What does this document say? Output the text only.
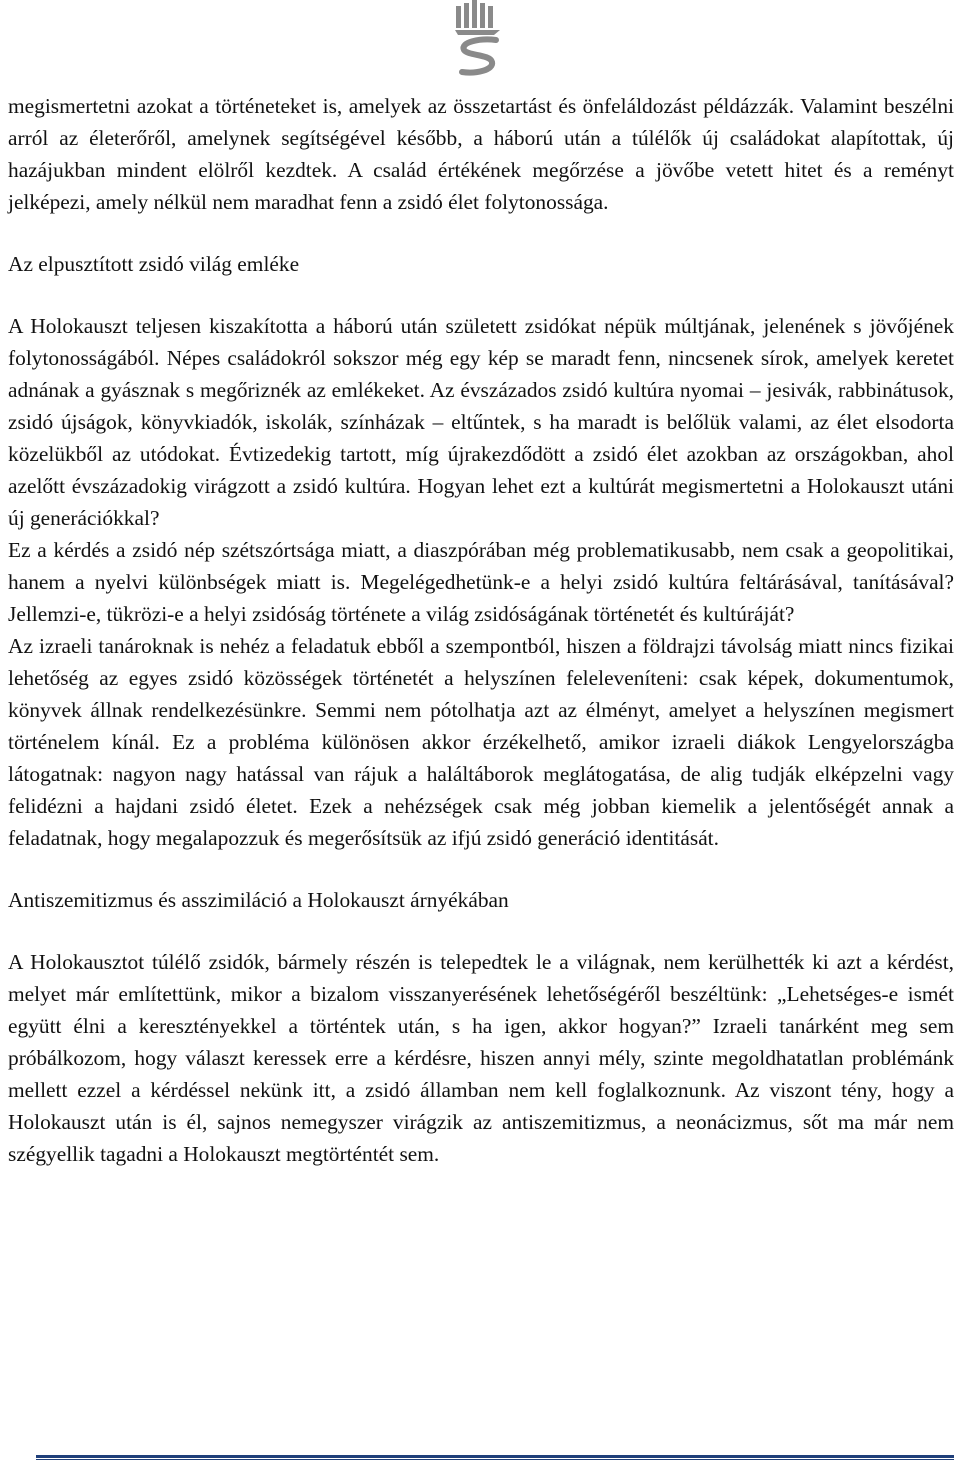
megismertetni azokat a történeteket is, amelyek az összetartást és önfeláldozást példázzák. Valamint beszélni arról az életerőről, amelynek segítségével később, a háború után a túlélők új családokat alapítottak, új hazájukban mindent elölről kezdtek. A család értékének megőrzése a jövőbe vetett hitet és a reményt jelképezi, amely nélkül nem maradhat fenn a zsidó élet folytonossága.

Az elpusztított zsidó világ emléke

A Holokauszt teljesen kiszakította a háború után született zsidókat népük múltjának, jelenének s jövőjének folytonosságából. Népes családokról sokszor még egy kép se maradt fenn, nincsenek sírok, amelyek keretet adnának a gyásznak s megőriznék az emlékeket. Az évszázados zsidó kultúra nyomai – jesivák, rabbinátusok, zsidó újságok, könyvkiadók, iskolák, színházak – eltűntek, s ha maradt is belőlük valami, az élet elsodorta közelükből az utódokat. Évtizedekig tartott, míg újrakezdődött a zsidó élet azokban az országokban, ahol azelőtt évszázadokig virágzott a zsidó kultúra. Hogyan lehet ezt a kultúrát megismertetni a Holokauszt utáni új generációkkal?

Ez a kérdés a zsidó nép szétszórtsága miatt, a diaszpórában még problematikusabb, nem csak a geopolitikai, hanem a nyelvi különbségek miatt is. Megelégedhetünk-e a helyi zsidó kultúra feltárásával, tanításával? Jellemzi-e, tükrözi-e a helyi zsidóság története a világ zsidóságának történetét és kultúráját?

Az izraeli tanároknak is nehéz a feladatuk ebből a szempontból, hiszen a földrajzi távolság miatt nincs fizikai lehetőség az egyes zsidó közösségek történetét a helyszínen feleleveníteni: csak képek, dokumentumok, könyvek állnak rendelkezésünkre. Semmi nem pótolhatja azt az élményt, amelyet a helyszínen megismert történelem kínál. Ez a probléma különösen akkor érzékelhető, amikor izraeli diákok Lengyelországba látogatnak: nagyon nagy hatással van rájuk a haláltáborok meglátogatása, de alig tudják elképzelni vagy felidézni a hajdani zsidó életet. Ezek a nehézségek csak még jobban kiemelik a jelentőségét annak a feladatnak, hogy megalapozzuk és megerősítsük az ifjú zsidó generáció identitását.

Antiszemitizmus és asszimiláció a Holokauszt árnyékában

A Holokausztot túlélő zsidók, bármely részén is telepedtek le a világnak, nem kerülhették ki azt a kérdést, melyet már említettünk, mikor a bizalom visszanyerésének lehetőségéről beszéltünk: „Lehetséges-e ismét együtt élni a keresztényekkel a történtek után, s ha igen, akkor hogyan?” Izraeli tanárként meg sem próbálkozom, hogy választ keressek erre a kérdésre, hiszen annyi mély, szinte megoldhatatlan problémánk mellett ezzel a kérdéssel nekünk itt, a zsidó államban nem kell foglalkoznunk. Az viszont tény, hogy a Holokauszt után is él, sajnos nemegyszer virágzik az antiszemitizmus, a neonácizmus, sőt ma már nem szégyellik tagadni a Holokauszt megtörténtét sem.
